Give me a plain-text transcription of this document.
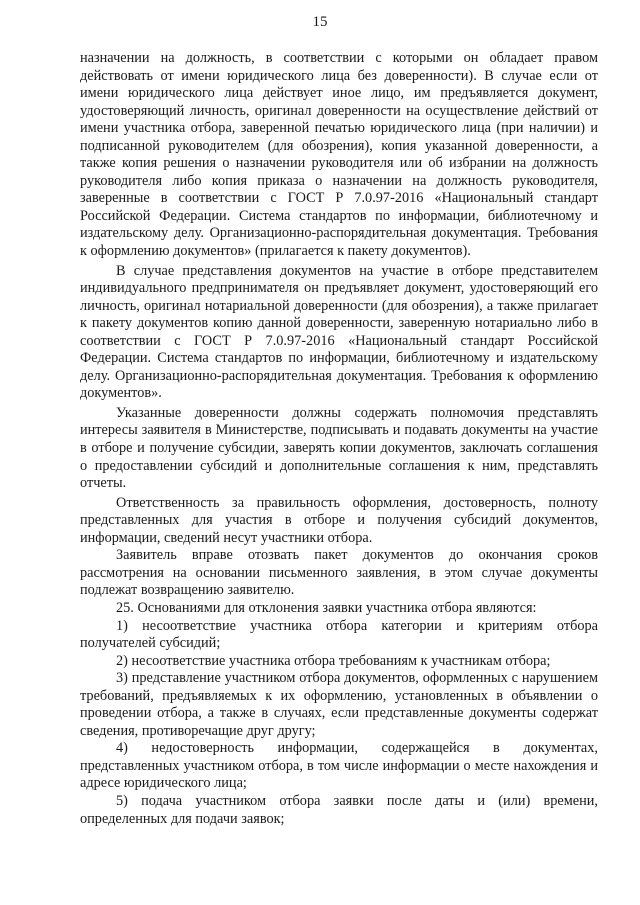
15

назначении на должность, в соответствии с которыми он обладает правом действовать от имени юридического лица без доверенности). В случае если от имени юридического лица действует иное лицо, им предъявляется документ, удостоверяющий личность, оригинал доверенности на осуществление действий от имени участника отбора, заверенной печатью юридического лица (при наличии) и подписанной руководителем (для обозрения), копия указанной доверенности, а также копия решения о назначении руководителя или об избрании на должность руководителя либо копия приказа о назначении на должность руководителя, заверенные в соответствии с ГОСТ Р 7.0.97-2016 «Национальный стандарт Российской Федерации. Система стандартов по информации, библиотечному и издательскому делу. Организационно-распорядительная документация. Требования к оформлению документов» (прилагается к пакету документов).

В случае представления документов на участие в отборе представителем индивидуального предпринимателя он предъявляет документ, удостоверяющий его личность, оригинал нотариальной доверенности (для обозрения), а также прилагает к пакету документов копию данной доверенности, заверенную нотариально либо в соответствии с ГОСТ Р 7.0.97-2016 «Национальный стандарт Российской Федерации. Система стандартов по информации, библиотечному и издательскому делу. Организационно-распорядительная документация. Требования к оформлению документов».

Указанные доверенности должны содержать полномочия представлять интересы заявителя в Министерстве, подписывать и подавать документы на участие в отборе и получение субсидии, заверять копии документов, заключать соглашения о предоставлении субсидий и дополнительные соглашения к ним, представлять отчеты.

Ответственность за правильность оформления, достоверность, полноту представленных для участия в отборе и получения субсидий документов, информации, сведений несут участники отбора.

Заявитель вправе отозвать пакет документов до окончания сроков рассмотрения на основании письменного заявления, в этом случае документы подлежат возвращению заявителю.

25. Основаниями для отклонения заявки участника отбора являются:

1) несоответствие участника отбора категории и критериям отбора получателей субсидий;

2) несоответствие участника отбора требованиям к участникам отбора;

3) представление участником отбора документов, оформленных с нарушением требований, предъявляемых к их оформлению, установленных в объявлении о проведении отбора, а также в случаях, если представленные документы содержат сведения, противоречащие друг другу;

4) недостоверность информации, содержащейся в документах, представленных участником отбора, в том числе информации о месте нахождения и адресе юридического лица;

5) подача участником отбора заявки после даты и (или) времени, определенных для подачи заявок;
